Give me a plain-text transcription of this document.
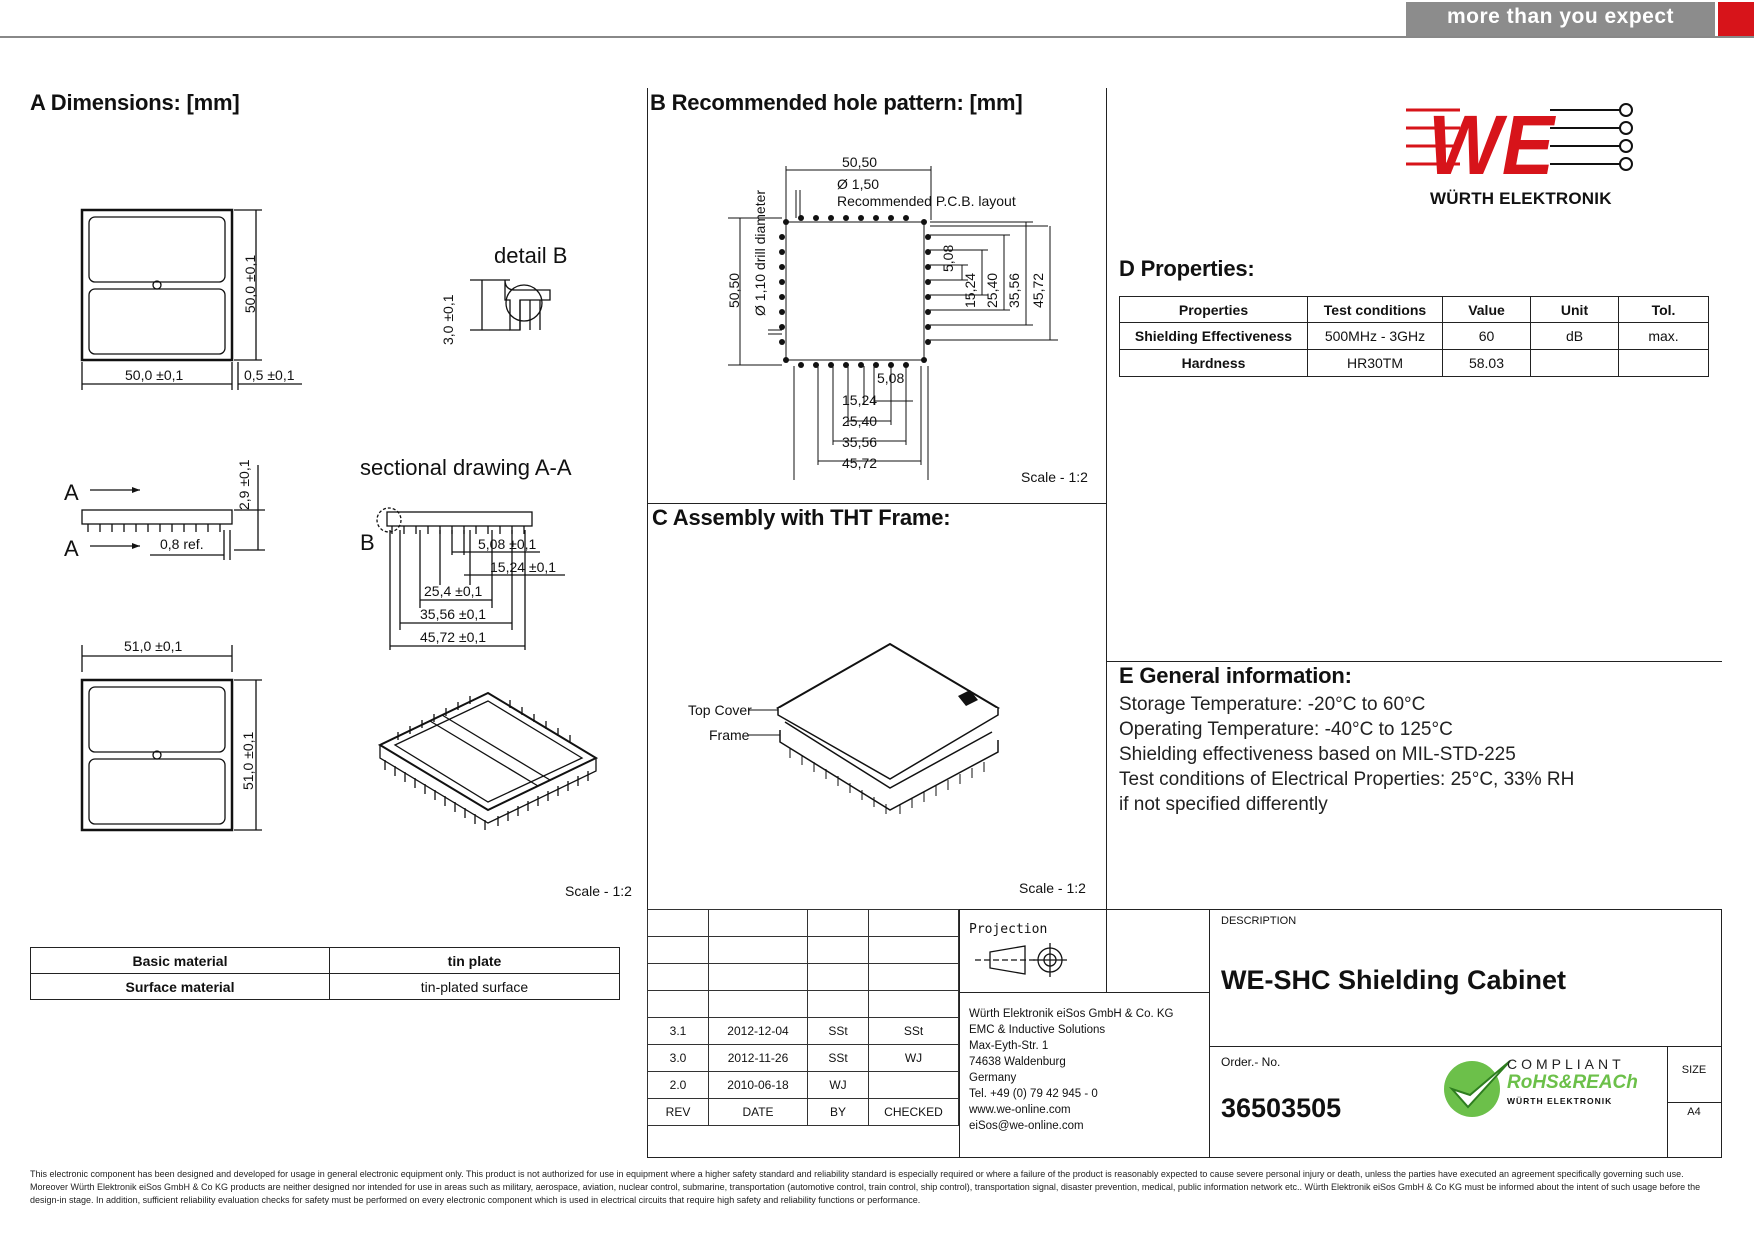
more than you expect
A Dimensions: [mm]
50,0 ±0,1
50,0 ±0,1
0,5 ±0,1
detail B
3,0 ±0,1
A
A
2,9 ±0,1
0,8 ref.
sectional drawing A-A
B	5,08 ±0,1
15,24 ±0,1
25,4 ±0,1
35,56 ±0,1
45,72 ±0,1
51,0 ±0,1
51,0 ±0,1
Scale - 1:2
Basic material	tin plate
Surface material	tin-plated surface
B Recommended hole pattern: [mm]
50,50
Ø 1,50
Recommended P.C.B. layout
50,50 Ø 1,10 drill diameter	5,08
15,24 25,40 35,56 45,72
5,08
15,24
25,40
35,56
45,72
Scale - 1:2
C Assembly with THT Frame:
Top Cover
Frame
Scale - 1:2
WE
WÜRTH ELEKTRONIK
D Properties:
Properties	Test conditions	Value	Unit	Tol.
Shielding Effectiveness	500MHz - 3GHz	60	dB	max.
Hardness	HR30TM	58.03		
E General information:
Storage Temperature: -20°C to 60°C
Operating Temperature: -40°C to 125°C
Shielding effectiveness based on MIL-STD-225
Test conditions of Electrical Properties: 25°C, 33% RH
if not specified differently

3.1	2012-12-04	SSt	SSt
3.0	2012-11-26	SSt	WJ
2.0	2010-06-18	WJ	
REV	DATE	BY	CHECKED
Projection
Würth Elektronik eiSos GmbH & Co. KG
EMC & Inductive Solutions
Max-Eyth-Str. 1
74638 Waldenburg
Germany
Tel. +49 (0) 79 42 945 - 0
www.we-online.com
eiSos@we-online.com
DESCRIPTION
WE-SHC Shielding Cabinet
Order.- No.
36503505
COMPLIANT
RoHS&REACh
WÜRTH ELEKTRONIK
SIZE
A4
This electronic component has been designed and developed for usage in general electronic equipment only. This product is not authorized for use in equipment where a higher safety standard and reliability standard is especially required or where a failure of the product is reasonably expected to cause severe personal injury or death, unless the parties have executed an agreement specifically governing such use. Moreover Würth Elektronik eiSos GmbH & Co KG products are neither designed nor intended for use in areas such as military, aerospace, aviation, nuclear control, submarine, transportation (automotive control, train control, ship control), transportation signal, disaster prevention, medical, public information network etc.. Würth Elektronik eiSos GmbH & Co KG must be informed about the intent of such usage before the design-in stage. In addition, sufficient reliability evaluation checks for safety must be performed on every electronic component which is used in electrical circuits that require high safety and reliability functions or performance.
